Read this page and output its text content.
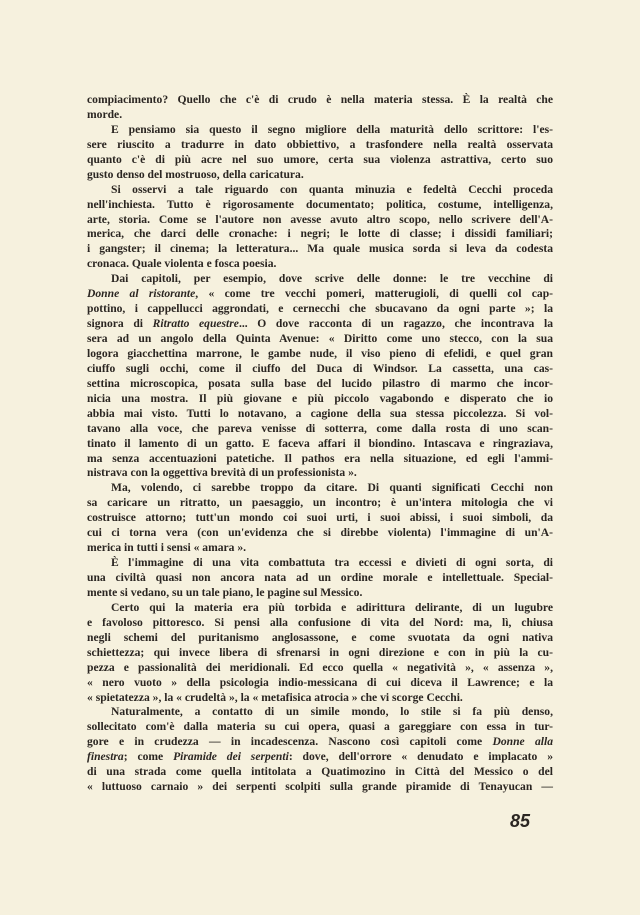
compiacimento? Quello che c'è di crudo è nella materia stessa. È la realtà che
morde.
E pensiamo sia questo il segno migliore della maturità dello scrittore: l'es-
sere riuscito a tradurre in dato obbiettivo, a trasfondere nella realtà osservata
quanto c'è di più acre nel suo umore, certa sua violenza astrattiva, certo suo
gusto denso del mostruoso, della caricatura.
Si osservi a tale riguardo con quanta minuzia e fedeltà Cecchi proceda
nell'inchiesta. Tutto è rigorosamente documentato; politica, costume, intelligenza,
arte, storia. Come se l'autore non avesse avuto altro scopo, nello scrivere dell'A-
merica, che darci delle cronache: i negri; le lotte di classe; i dissidi familiari;
i gangster; il cinema; la letteratura... Ma quale musica sorda si leva da codesta
cronaca. Quale violenta e fosca poesia.
Dai capitoli, per esempio, dove scrive delle donne: le tre vecchine di
Donne al ristorante, « come tre vecchi pomeri, matterugioli, di quelli col cap-
pottino, i cappellucci aggrondati, e cernecchi che sbucavano da ogni parte »; la
signora di Ritratto equestre... O dove racconta di un ragazzo, che incontrava la
sera ad un angolo della Quinta Avenue: « Diritto come uno stecco, con la sua
logora giacchettina marrone, le gambe nude, il viso pieno di efelidi, e quel gran
ciuffo sugli occhi, come il ciuffo del Duca di Windsor. La cassetta, una cas-
settina microscopica, posata sulla base del lucido pilastro di marmo che incor-
nicia una mostra. Il più giovane e più piccolo vagabondo e disperato che io
abbia mai visto. Tutti lo notavano, a cagione della sua stessa piccolezza. Si vol-
tavano alla voce, che pareva venisse di sotterra, come dalla rosta di uno scan-
tinato il lamento di un gatto. E faceva affari il biondino. Intascava e ringraziava,
ma senza accentuazioni patetiche. Il pathos era nella situazione, ed egli l'ammi-
nistrava con la oggettiva brevità di un professionista ».
Ma, volendo, ci sarebbe troppo da citare. Di quanti significati Cecchi non
sa caricare un ritratto, un paesaggio, un incontro; è un'intera mitologia che vi
costruisce attorno; tutt'un mondo coi suoi urti, i suoi abissi, i suoi simboli, da
cui ci torna vera (con un'evidenza che si direbbe violenta) l'immagine di un'A-
merica in tutti i sensi « amara ».
È l'immagine di una vita combattuta tra eccessi e divieti di ogni sorta, di
una civiltà quasi non ancora nata ad un ordine morale e intellettuale. Special-
mente si vedano, su un tale piano, le pagine sul Messico.
Certo qui la materia era più torbida e adirittura delirante, di un lugubre
e favoloso pittoresco. Si pensi alla confusione di vita del Nord: ma, lì, chiusa
negli schemi del puritanismo anglosassone, e come svuotata da ogni nativa
schiettezza; qui invece libera di sfrenarsi in ogni direzione e con in più la cu-
pezza e passionalità dei meridionali. Ed ecco quella « negatività », « assenza »,
« nero vuoto » della psicologia indio-messicana di cui diceva il Lawrence; e la
« spietatezza », la « crudeltà », la « metafisica atrocia » che vi scorge Cecchi.
Naturalmente, a contatto di un simile mondo, lo stile si fa più denso,
sollecitato com'è dalla materia su cui opera, quasi a gareggiare con essa in tur-
gore e in crudezza — in incadescenza. Nascono così capitoli come Donne alla
finestra; come Piramide dei serpenti: dove, dell'orrore « denudato e implacato »
di una strada come quella intitolata a Quatimozino in Città del Messico o del
« luttuoso carnaio » dei serpenti scolpiti sulla grande piramide di Tenayucan —
85
